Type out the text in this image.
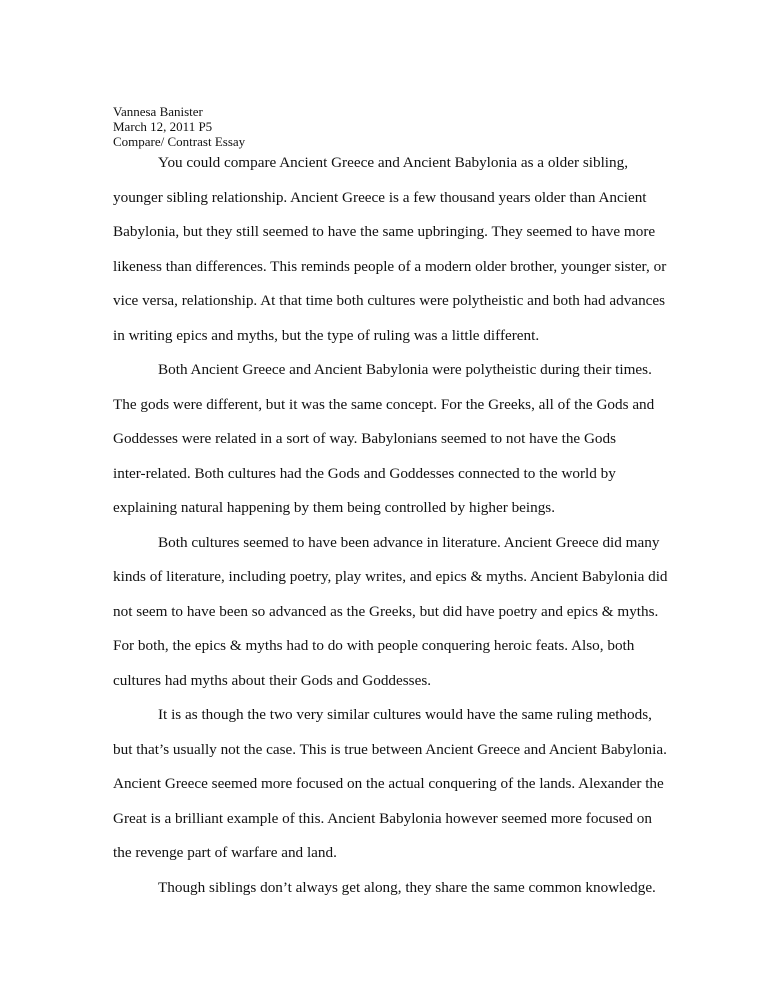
Vannesa Banister
March 12, 2011 P5
Compare/ Contrast Essay

You could compare Ancient Greece and Ancient Babylonia as a older sibling,
younger sibling relationship. Ancient Greece is a few thousand years older than Ancient
Babylonia, but they still seemed to have the same upbringing. They seemed to have more
likeness than differences. This reminds people of a modern older brother, younger sister, or
vice versa, relationship. At that time both cultures were polytheistic and both had advances
in writing epics and myths, but the type of ruling was a little different.

Both Ancient Greece and Ancient Babylonia were polytheistic during their times.
The gods were different, but it was the same concept. For the Greeks, all of the Gods and
Goddesses were related in a sort of way. Babylonians seemed to not have the Gods
inter-related. Both cultures had the Gods and Goddesses connected to the world by
explaining natural happening by them being controlled by higher beings.

Both cultures seemed to have been advance in literature. Ancient Greece did many
kinds of literature, including poetry, play writes, and epics & myths. Ancient Babylonia did
not seem to have been so advanced as the Greeks, but did have poetry and epics & myths.
For both, the epics & myths had to do with people conquering heroic feats. Also, both
cultures had myths about their Gods and Goddesses.

It is as though the two very similar cultures would have the same ruling methods,
but that’s usually not the case. This is true between Ancient Greece and Ancient Babylonia.
Ancient Greece seemed more focused on the actual conquering of the lands. Alexander the
Great is a brilliant example of this. Ancient Babylonia however seemed more focused on
the revenge part of warfare and land.

Though siblings don’t always get along, they share the same common knowledge.
